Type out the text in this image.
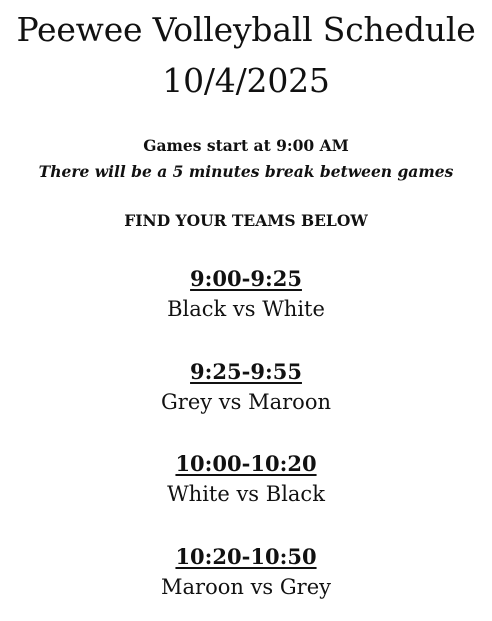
Peewee Volleyball Schedule
10/4/2025

Games start at 9:00 AM

There will be a 5 minutes break between games

FIND YOUR TEAMS BELOW

9:00-9:25
Black vs White
9:25-9:55
Grey vs Maroon
10:00-10:20
White vs Black
10:20-10:50
Maroon vs Grey
